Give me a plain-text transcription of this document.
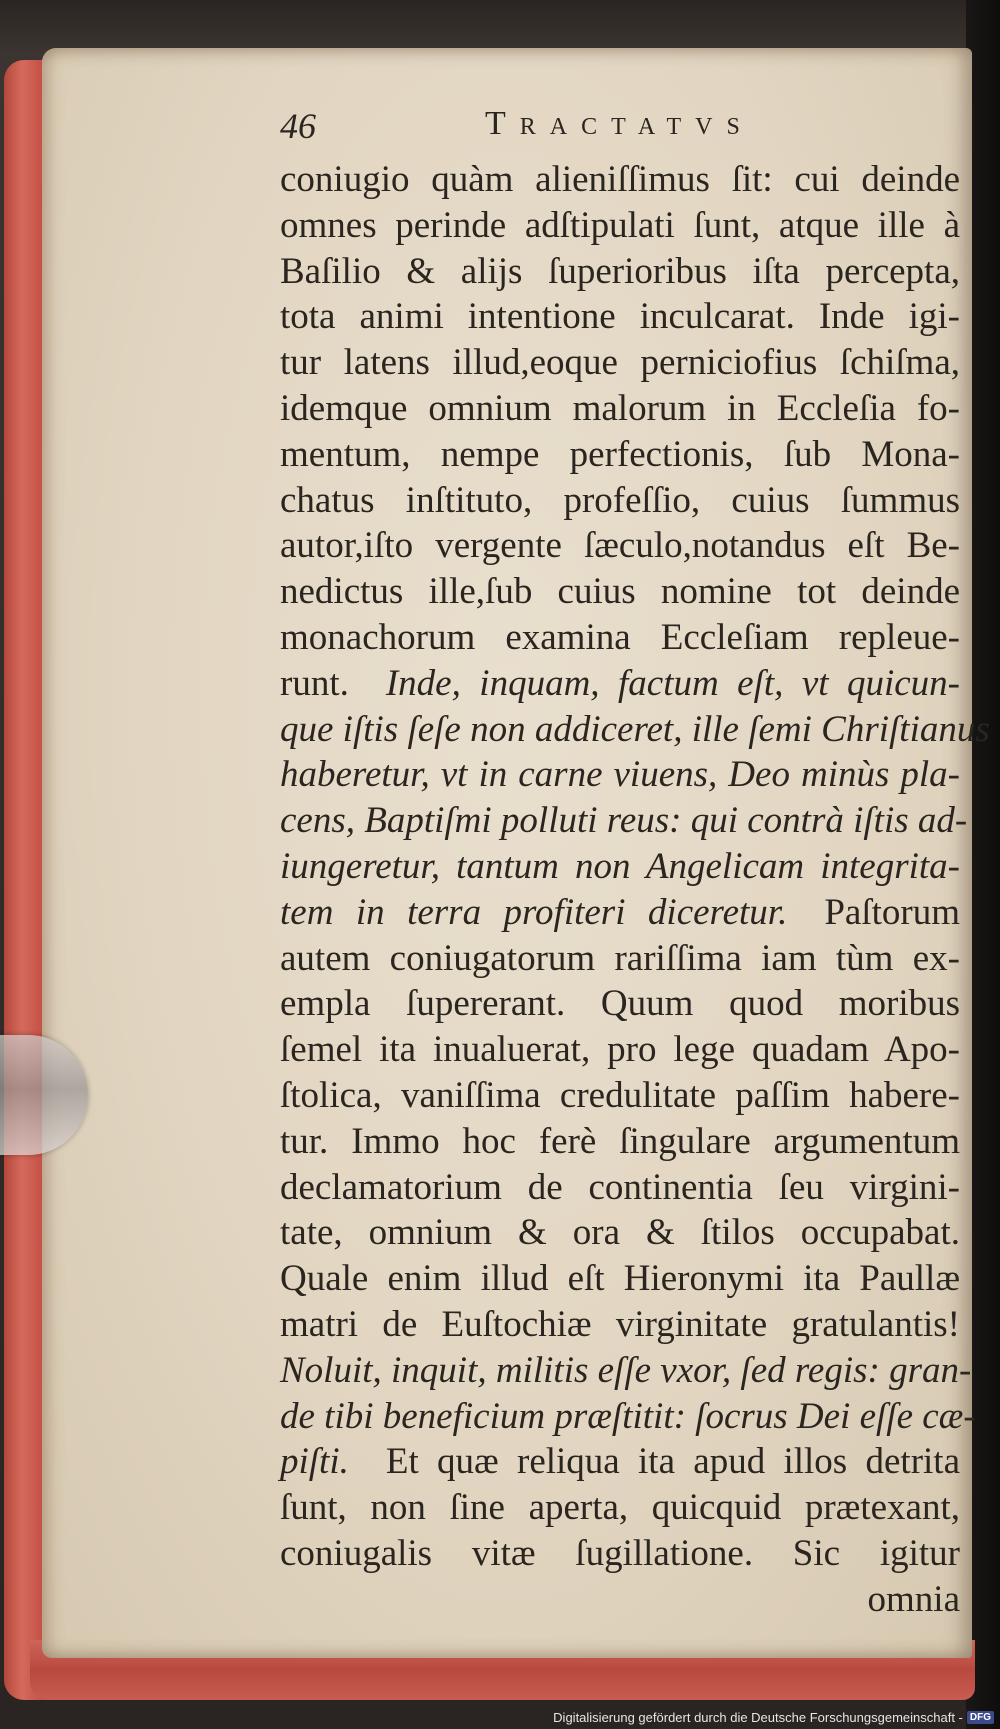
46	Tractatvs
coniugio quàm alieniſſimus ſit: cui deinde
omnes perinde adſtipulati ſunt, atque ille à
Baſilio & alijs ſuperioribus iſta percepta,
tota animi intentione inculcarat. Inde igi-
tur latens illud,eoque perniciofius ſchiſma,
idemque omnium malorum in Eccleſia fo-
mentum, nempe perfectionis, ſub Mona-
chatus inſtituto, profeſſio, cuius ſummus
autor,iſto vergente ſæculo,notandus eſt Be-
nedictus ille,ſub cuius nomine tot deinde
monachorum examina Eccleſiam repleue-
runt.  Inde, inquam, factum eſt, vt quicun-
que iſtis ſeſe non addiceret, ille ſemi Chriſtianus
haberetur, vt in carne viuens, Deo minùs pla-
cens, Baptiſmi polluti reus: qui contrà iſtis ad-
iungeretur, tantum non Angelicam integrita-
tem in terra profiteri diceretur.  Paſtorum
autem coniugatorum rariſſima iam tùm ex-
empla ſupererant. Quum quod moribus
ſemel ita inualuerat, pro lege quadam Apo-
ſtolica, vaniſſima credulitate paſſim habere-
tur. Immo hoc ferè ſingulare argumentum
declamatorium de continentia ſeu virgini-
tate, omnium & ora & ſtilos occupabat.
Quale enim illud eſt Hieronymi ita Paullæ
matri de Euſtochiæ virginitate gratulantis!
Noluit, inquit, militis eſſe vxor, ſed regis: gran-
de tibi beneficium præſtitit: ſocrus Dei eſſe cæ-
piſti.  Et quæ reliqua ita apud illos detrita
ſunt, non ſine aperta, quicquid prætexant,
coniugalis vitæ ſugillatione. Sic igitur
omnia
Digitalisierung gefördert durch die Deutsche Forschungsgemeinschaft - DFG
